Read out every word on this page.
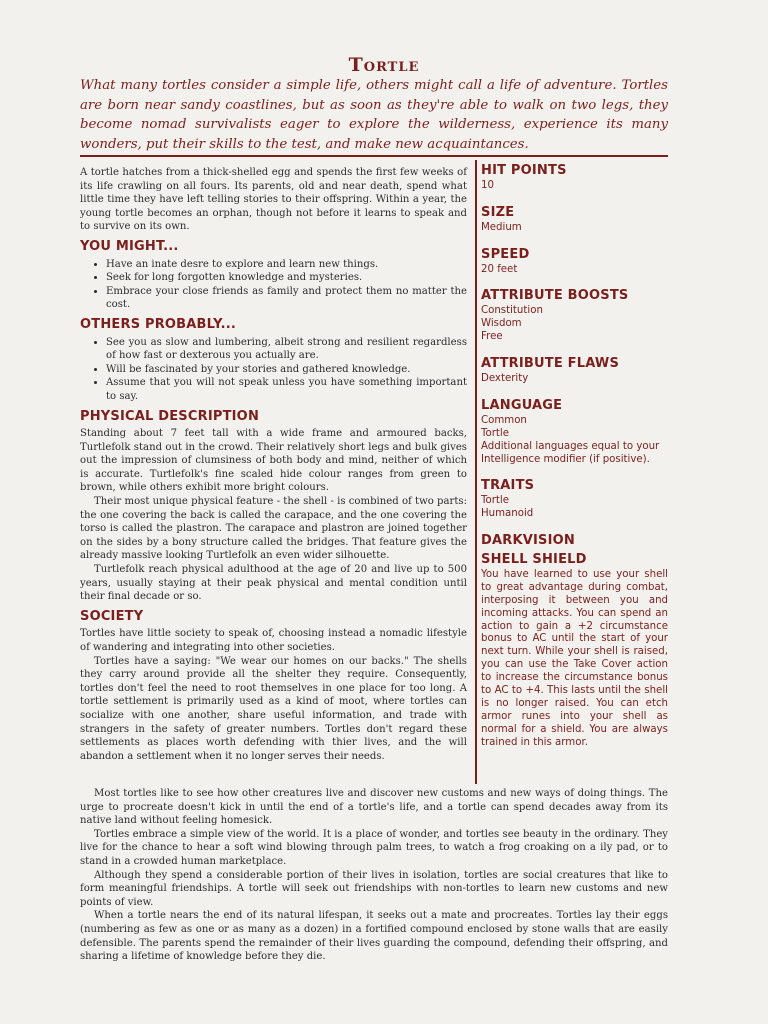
Tortle
What many tortles consider a simple life, others might call a life of adventure. Tortles are born near sandy coastlines, but as soon as they're able to walk on two legs, they become nomad survivalists eager to explore the wilderness, experience its many wonders, put their skills to the test, and make new acquaintances.

A tortle hatches from a thick-shelled egg and spends the first few weeks of its life crawling on all fours. Its parents, old and near death, spend what little time they have left telling stories to their offspring. Within a year, the young tortle becomes an orphan, though not before it learns to speak and to survive on its own.

YOU MIGHT...
• Have an inate desre to explore and learn new things.
• Seek for long forgotten knowledge and mysteries.
• Embrace your close friends as family and protect them no matter the cost.
OTHERS PROBABLY...
• See you as slow and lumbering, albeit strong and resilient regardless of how fast or dexterous you actually are.
• Will be fascinated by your stories and gathered knowledge.
• Assume that you will not speak unless you have something important to say.
PHYSICAL DESCRIPTION

Standing about 7 feet tall with a wide frame and armoured backs, Turtlefolk stand out in the crowd. Their relatively short legs and bulk gives out the impression of clumsiness of both body and mind, neither of which is accurate. Turtlefolk's fine scaled hide colour ranges from green to brown, while others exhibit more bright colours.

Their most unique physical feature - the shell - is combined of two parts: the one covering the back is called the carapace, and the one covering the torso is called the plastron. The carapace and plastron are joined together on the sides by a bony structure called the bridges. That feature gives the already massive looking Turtlefolk an even wider silhouette.

Turtlefolk reach physical adulthood at the age of 20 and live up to 500 years, usually staying at their peak physical and mental condition until their final decade or so.

SOCIETY

Tortles have little society to speak of, choosing instead a nomadic lifestyle of wandering and integrating into other societies.

Tortles have a saying: "We wear our homes on our backs." The shells they carry around provide all the shelter they require. Consequently, tortles don't feel the need to root themselves in one place for too long. A tortle settlement is primarily used as a kind of moot, where tortles can socialize with one another, share useful information, and trade with strangers in the safety of greater numbers. Tortles don't regard these settlements as places worth defending with thier lives, and the will abandon a settlement when it no longer serves their needs.

HIT POINTS
10
SIZE
Medium
SPEED
20 feet
ATTRIBUTE BOOSTS
Constitution
Wisdom
Free
ATTRIBUTE FLAWS
Dexterity
LANGUAGE
Common
Tortle
Additional languages equal to your Intelligence modifier (if positive).
TRAITS
Tortle
Humanoid
DARKVISION
SHELL SHIELD

You have learned to use your shell to great advantage during combat, interposing it between you and incoming attacks. You can spend an action to gain a +2 circumstance bonus to AC until the start of your next turn. While your shell is raised, you can use the Take Cover action to increase the circumstance bonus to AC to +4. This lasts until the shell is no longer raised. You can etch armor runes into your shell as normal for a shield. You are always trained in this armor.

Most tortles like to see how other creatures live and discover new customs and new ways of doing things. The urge to procreate doesn't kick in until the end of a tortle's life, and a tortle can spend decades away from its native land without feeling homesick.

Tortles embrace a simple view of the world. It is a place of wonder, and tortles see beauty in the ordinary. They live for the chance to hear a soft wind blowing through palm trees, to watch a frog croaking on a ily pad, or to stand in a crowded human marketplace.

Although they spend a considerable portion of their lives in isolation, tortles are social creatures that like to form meaningful friendships. A tortle will seek out friendships with non-tortles to learn new customs and new points of view.

When a tortle nears the end of its natural lifespan, it seeks out a mate and procreates. Tortles lay their eggs (numbering as few as one or as many as a dozen) in a fortified compound enclosed by stone walls that are easily defensible. The parents spend the remainder of their lives guarding the compound, defending their offspring, and sharing a lifetime of knowledge before they die.
